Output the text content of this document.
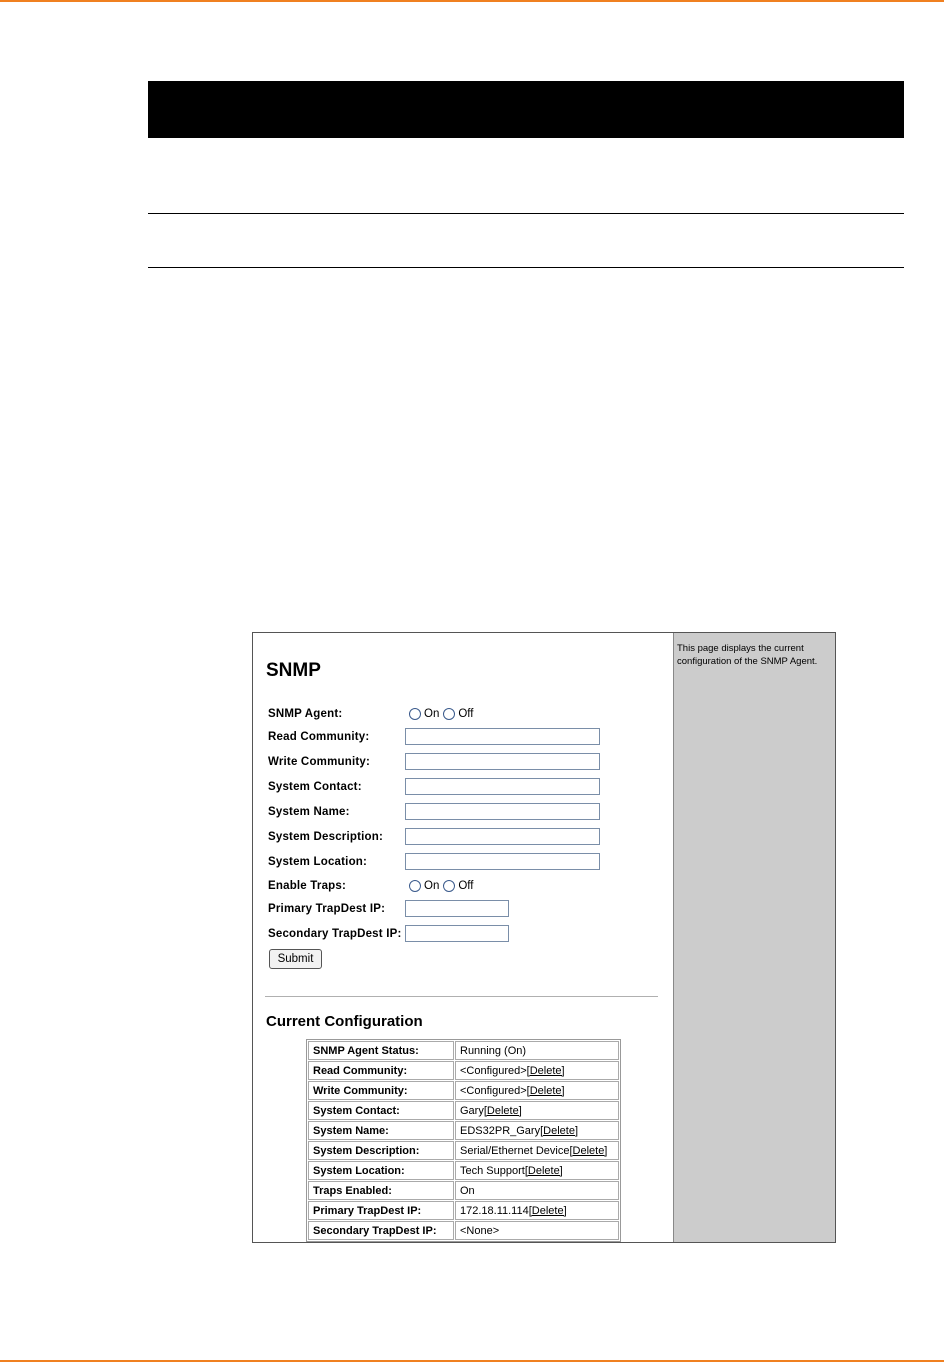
SNMP
SNMP Agent:	On Off
Read Community:
Write Community:
System Contact:
System Name:
System Description:
System Location:
Enable Traps:	On Off
Primary TrapDest IP:
Secondary TrapDest IP:
Submit
Current Configuration
SNMP Agent Status:	Running (On)
Read Community:	<Configured>[Delete]
Write Community:	<Configured>[Delete]
System Contact:	Gary[Delete]
System Name:	EDS32PR_Gary[Delete]
System Description:	Serial/Ethernet Device[Delete]
System Location:	Tech Support[Delete]
Traps Enabled:	On
Primary TrapDest IP:	172.18.11.114[Delete]
Secondary TrapDest IP:	<None>
This page displays the current configuration of the SNMP Agent.
